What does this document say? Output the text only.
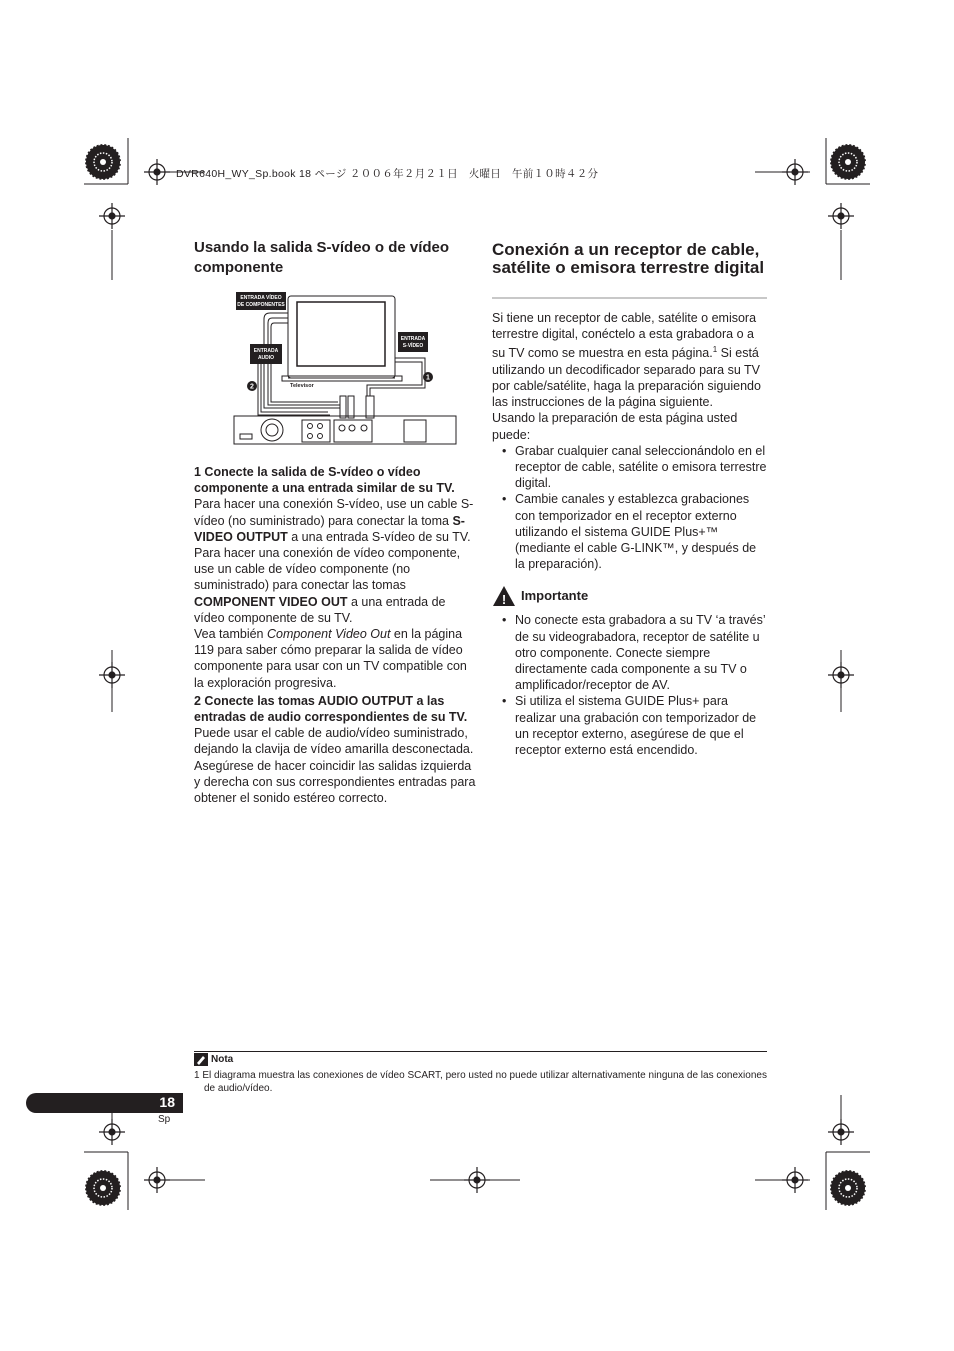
DVR640H_WY_Sp.book 18 ページ ２００６年２月２１日　火曜日　午前１０時４２分
Usando la salida S-vídeo o de vídeo componente
ENTRADA VÍDEO DE COMPONENTES
ENTRADA AUDIO
ENTRADA S-VÍDEO
Televisor
2
1
1 Conecte la salida de S-vídeo o vídeo componente a una entrada similar de su TV.
Para hacer una conexión S-vídeo, use un cable S-vídeo (no suministrado) para conectar la toma S-VIDEO OUTPUT a una entrada S-vídeo de su TV.
Para hacer una conexión de vídeo componente, use un cable de vídeo componente (no suministrado) para conectar las tomas COMPONENT VIDEO OUT a una entrada de vídeo componente de su TV.
Vea también Component Video Out en la página 119 para saber cómo preparar la salida de vídeo componente para usar con un TV compatible con la exploración progresiva.
2 Conecte las tomas AUDIO OUTPUT a las entradas de audio correspondientes de su TV.
Puede usar el cable de audio/vídeo suministrado, dejando la clavija de vídeo amarilla desconectada. Asegúrese de hacer coincidir las salidas izquierda y derecha con sus correspondientes entradas para obtener el sonido estéreo correcto.
Conexión a un receptor de cable, satélite o emisora terrestre digital
Si tiene un receptor de cable, satélite o emisora terrestre digital, conéctelo a esta grabadora o a su TV como se muestra en esta página.$^1$ Si está utilizando un decodificador separado para su TV por cable/satélite, haga la preparación siguiendo las instrucciones de la página siguiente.
Usando la preparación de esta página usted puede:
• Grabar cualquier canal seleccionándolo en el receptor de cable, satélite o emisora terrestre digital.
• Cambie canales y establezca grabaciones con temporizador en el receptor externo utilizando el sistema GUIDE Plus+™ (mediante el cable G-LINK™, y después de la preparación).
! Importante
• No conecte esta grabadora a su TV ‘a través’ de su videograbadora, receptor de satélite u otro componente. Conecte siempre directamente cada componente a su TV o amplificador/receptor de AV.
• Si utiliza el sistema GUIDE Plus+ para realizar una grabación con temporizador de un receptor externo, asegúrese de que el receptor externo está encendido.
Nota
1 El diagrama muestra las conexiones de vídeo SCART, pero usted no puede utilizar alternativamente ninguna de las conexiones de audio/vídeo.
18
Sp
